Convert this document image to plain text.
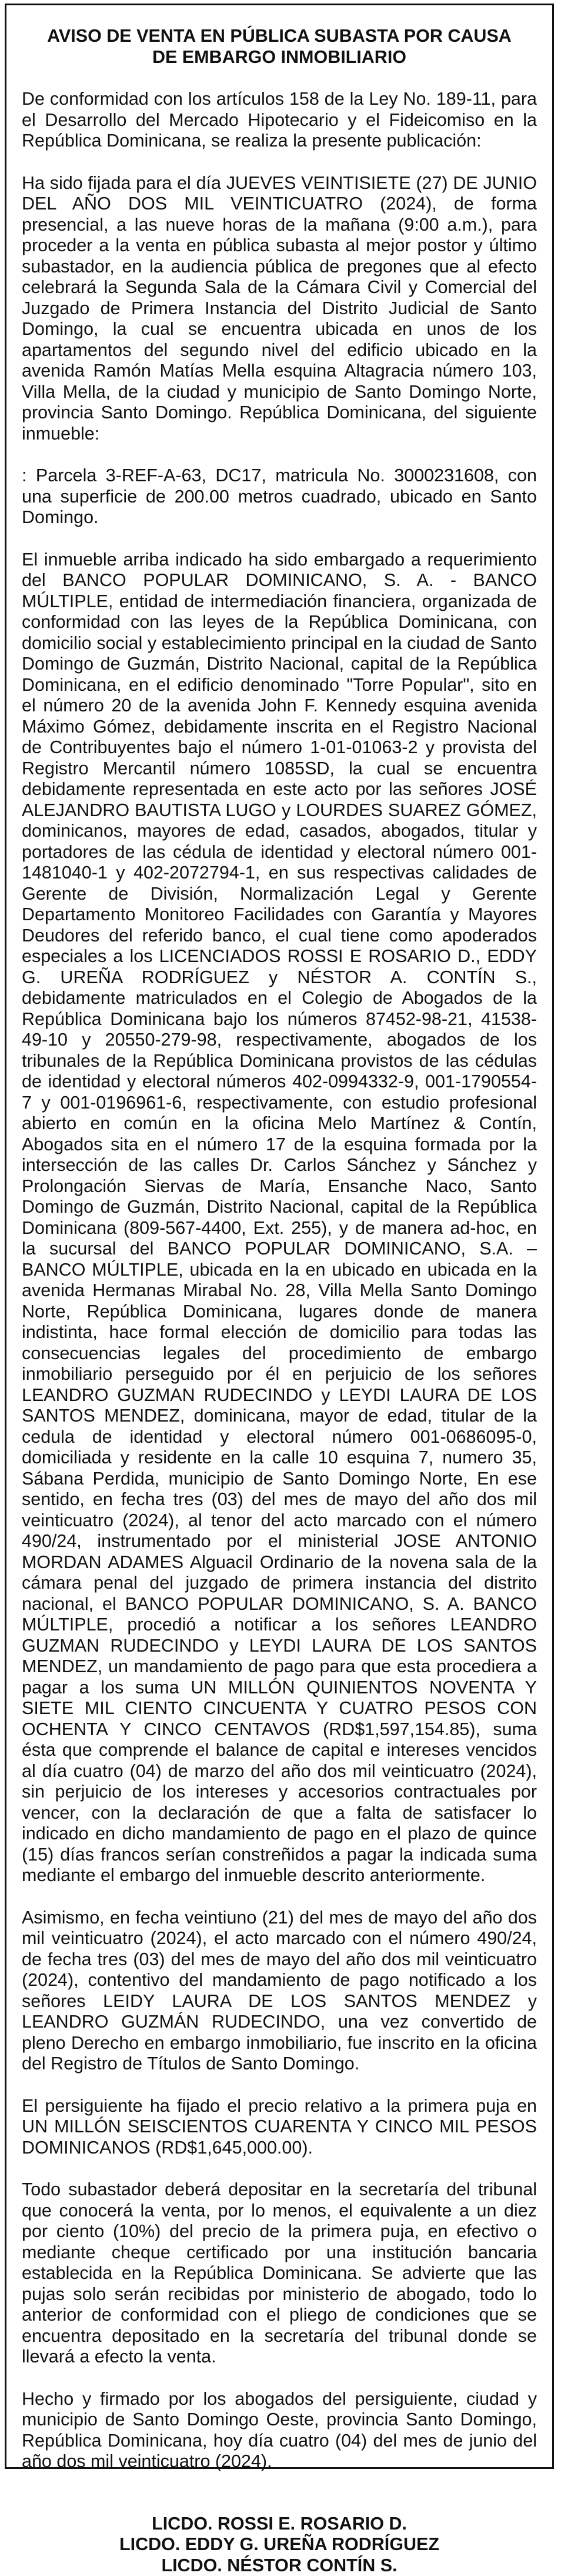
AVISO DE VENTA EN PÚBLICA SUBASTA POR CAUSA
DE EMBARGO INMOBILIARIO

De conformidad con los artículos 158 de la Ley No. 189-11, para el Desarrollo del Mercado Hipotecario y el Fideicomiso en la República Dominicana, se realiza la presente publicación:

Ha sido fijada para el día JUEVES VEINTISIETE (27) DE JUNIO DEL AÑO DOS MIL VEINTICUATRO (2024), de forma presencial, a las nueve horas de la mañana (9:00 a.m.), para proceder a la venta en pública subasta al mejor postor y último subastador, en la audiencia pública de pregones que al efecto celebrará la Segunda Sala de la Cámara Civil y Comercial del Juzgado de Primera Instancia del Distrito Judicial de Santo Domingo, la cual se encuentra ubicada en unos de los apartamentos del segundo nivel del edificio ubicado en la avenida Ramón Matías Mella esquina Altagracia número 103, Villa Mella, de la ciudad y municipio de Santo Domingo Norte, provincia Santo Domingo. República Dominicana, del siguiente inmueble:

: Parcela 3-REF-A-63, DC17, matricula No. 3000231608, con una superficie de 200.00 metros cuadrado, ubicado en Santo Domingo.

El inmueble arriba indicado ha sido embargado a requerimiento del BANCO POPULAR DOMINICANO, S. A. - BANCO MÚLTIPLE, entidad de intermediación financiera, organizada de conformidad con las leyes de la República Dominicana, con domicilio social y establecimiento principal en la ciudad de Santo Domingo de Guzmán, Distrito Nacional, capital de la República Dominicana, en el edificio denominado "Torre Popular", sito en el número 20 de la avenida John F. Kennedy esquina avenida Máximo Gómez, debidamente inscrita en el Registro Nacional de Contribuyentes bajo el número 1-01-01063-2 y provista del Registro Mercantil número 1085SD, la cual se encuentra debidamente representada en este acto por las señores JOSÉ ALEJANDRO BAUTISTA LUGO y LOURDES SUAREZ GÓMEZ, dominicanos, mayores de edad, casados, abogados, titular y portadores de las cédula de identidad y electoral número 001-1481040-1 y 402-2072794-1, en sus respectivas calidades de Gerente de División, Normalización Legal y Gerente Departamento Monitoreo Facilidades con Garantía y Mayores Deudores del referido banco, el cual tiene como apoderados especiales a los LICENCIADOS ROSSI E ROSARIO D., EDDY G. UREÑA RODRÍGUEZ y NÉSTOR A. CONTÍN S., debidamente matriculados en el Colegio de Abogados de la República Dominicana bajo los números 87452-98-21, 41538-49-10 y 20550-279-98, respectivamente, abogados de los tribunales de la República Dominicana provistos de las cédulas de identidad y electoral números 402-0994332-9, 001-1790554-7 y 001-0196961-6, respectivamente, con estudio profesional abierto en común en la oficina Melo Martínez & Contín, Abogados sita en el número 17 de la esquina formada por la intersección de las calles Dr. Carlos Sánchez y Sánchez y Prolongación Siervas de María, Ensanche Naco, Santo Domingo de Guzmán, Distrito Nacional, capital de la República Dominicana (809-567-4400, Ext. 255), y de manera ad-hoc, en la sucursal del BANCO POPULAR DOMINICANO, S.A. – BANCO MÚLTIPLE, ubicada en la en ubicado en ubicada en la avenida Hermanas Mirabal No. 28, Villa Mella Santo Domingo Norte, República Dominicana, lugares donde de manera indistinta, hace formal elección de domicilio para todas las consecuencias legales del procedimiento de embargo inmobiliario perseguido por él en perjuicio de los señores LEANDRO GUZMAN RUDECINDO y LEYDI LAURA DE LOS SANTOS MENDEZ, dominicana, mayor de edad, titular de la cedula de identidad y electoral número 001-0686095-0, domiciliada y residente en la calle 10 esquina 7, numero 35, Sábana Perdida, municipio de Santo Domingo Norte, En ese sentido, en fecha tres (03) del mes de mayo del año dos mil veinticuatro (2024), al tenor del acto marcado con el número 490/24, instrumentado por el ministerial JOSE ANTONIO MORDAN ADAMES Alguacil Ordinario de la novena sala de la cámara penal del juzgado de primera instancia del distrito nacional, el BANCO POPULAR DOMINICANO, S. A. BANCO MÚLTIPLE, procedió a notificar a los señores LEANDRO GUZMAN RUDECINDO y LEYDI LAURA DE LOS SANTOS MENDEZ, un mandamiento de pago para que esta procediera a pagar a los suma UN MILLÓN QUINIENTOS NOVENTA Y SIETE MIL CIENTO CINCUENTA Y CUATRO PESOS CON OCHENTA Y CINCO CENTAVOS (RD$1,597,154.85), suma ésta que comprende el balance de capital e intereses vencidos al día cuatro (04) de marzo del año dos mil veinticuatro (2024), sin perjuicio de los intereses y accesorios contractuales por vencer, con la declaración de que a falta de satisfacer lo indicado en dicho mandamiento de pago en el plazo de quince (15) días francos serían constreñidos a pagar la indicada suma mediante el embargo del inmueble descrito anteriormente.

Asimismo, en fecha veintiuno (21) del mes de mayo del año dos mil veinticuatro (2024), el acto marcado con el número 490/24, de fecha tres (03) del mes de mayo del año dos mil veinticuatro (2024), contentivo del mandamiento de pago notificado a los señores LEIDY LAURA DE LOS SANTOS MENDEZ y LEANDRO GUZMÁN RUDECINDO, una vez convertido de pleno Derecho en embargo inmobiliario, fue inscrito en la oficina del Registro de Títulos de Santo Domingo.

El persiguiente ha fijado el precio relativo a la primera puja en UN MILLÓN SEISCIENTOS CUARENTA Y CINCO MIL PESOS DOMINICANOS (RD$1,645,000.00).

Todo subastador deberá depositar en la secretaría del tribunal que conocerá la venta, por lo menos, el equivalente a un diez por ciento (10%) del precio de la primera puja, en efectivo o mediante cheque certificado por una institución bancaria establecida en la República Dominicana. Se advierte que las pujas solo serán recibidas por ministerio de abogado, todo lo anterior de conformidad con el pliego de condiciones que se encuentra depositado en la secretaría del tribunal donde se llevará a efecto la venta.

Hecho y firmado por los abogados del persiguiente, ciudad y municipio de Santo Domingo Oeste, provincia Santo Domingo, República Dominicana, hoy día cuatro (04) del mes de junio del año dos mil veinticuatro (2024).

LICDO. ROSSI E. ROSARIO D.
LICDO. EDDY G. UREÑA RODRÍGUEZ
LICDO. NÉSTOR CONTÍN S.
